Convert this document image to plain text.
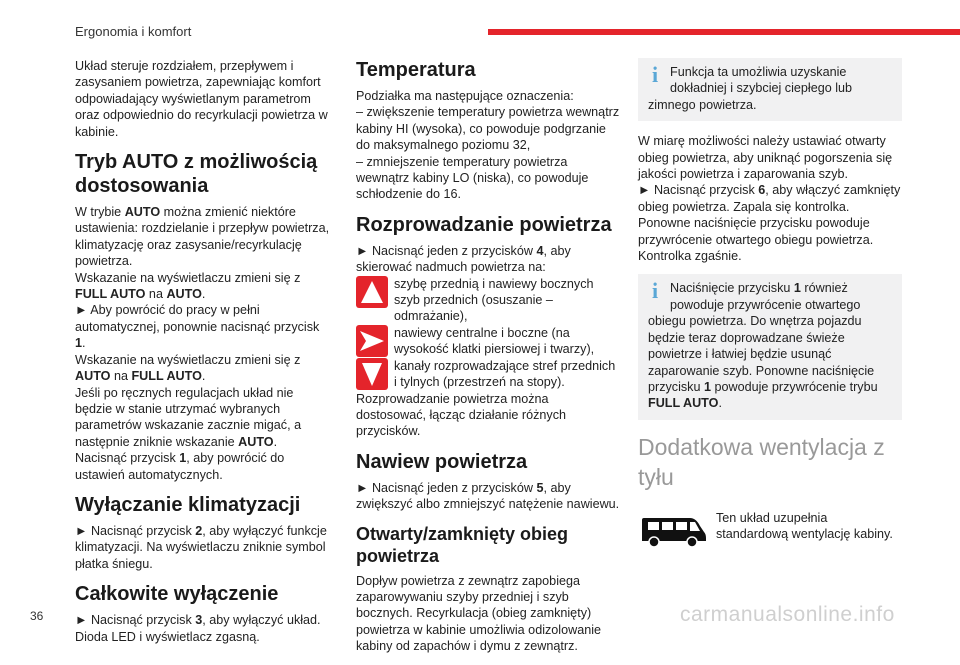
Ergonomia i komfort

Układ steruje rozdziałem, przepływem i zasysaniem powietrza, zapewniając komfort odpowiadający wyświetlanym parametrom oraz odpowiednio do recyrkulacji powietrza w kabinie.

Tryb AUTO z możliwością dostosowania

W trybie AUTO można zmienić niektóre ustawienia: rozdzielanie i przepływ powietrza, klimatyzację oraz zasysanie/recyrkulację powietrza.
Wskazanie na wyświetlaczu zmieni się z FULL AUTO na AUTO.
► Aby powrócić do pracy w pełni automatycznej, ponownie nacisnąć przycisk 1.
Wskazanie na wyświetlaczu zmieni się z AUTO na FULL AUTO.
Jeśli po ręcznych regulacjach układ nie będzie w stanie utrzymać wybranych parametrów wskazanie zacznie migać, a następnie zniknie wskazanie AUTO. Nacisnąć przycisk 1, aby powrócić do ustawień automatycznych.

Wyłączanie klimatyzacji

► Nacisnąć przycisk 2, aby wyłączyć funkcje klimatyzacji. Na wyświetlaczu zniknie symbol płatka śniegu.

Całkowite wyłączenie

► Nacisnąć przycisk 3, aby wyłączyć układ. Dioda LED i wyświetlacz zgasną.

Temperatura

Podziałka ma następujące oznaczenia:
– zwiększenie temperatury powietrza wewnątrz kabiny HI (wysoka), co powoduje podgrzanie do maksymalnego poziomu 32,
– zmniejszenie temperatury powietrza wewnątrz kabiny LO (niska), co powoduje schłodzenie do 16.

Rozprowadzanie powietrza

► Nacisnąć jeden z przycisków 4, aby skierować nadmuch powietrza na:

szybę przednią i nawiewy bocznych szyb przednich (osuszanie – odmrażanie),
nawiewy centralne i boczne (na wysokość klatki piersiowej i twarzy),
kanały rozprowadzające stref przednich i tylnych (przestrzeń na stopy).

Rozprowadzanie powietrza można dostosować, łącząc działanie różnych przycisków.

Nawiew powietrza

► Nacisnąć jeden z przycisków 5, aby zwiększyć albo zmniejszyć natężenie nawiewu.

Otwarty/zamknięty obieg powietrza

Dopływ powietrza z zewnątrz zapobiega zaparowywaniu szyby przedniej i szyb bocznych. Recyrkulacja (obieg zamknięty) powietrza w kabinie umożliwia odizolowanie kabiny od zapachów i dymu z zewnątrz.

i Funkcja ta umożliwia uzyskanie dokładniej i szybciej ciepłego lub zimnego powietrza.

W miarę możliwości należy ustawiać otwarty obieg powietrza, aby uniknąć pogorszenia się jakości powietrza i zaparowania szyb.

► Nacisnąć przycisk 6, aby włączyć zamknięty obieg powietrza. Zapala się kontrolka.

Ponowne naciśnięcie przycisku powoduje przywrócenie otwartego obiegu powietrza. Kontrolka zgaśnie.

i Naciśnięcie przycisku 1 również powoduje przywrócenie otwartego obiegu powietrza. Do wnętrza pojazdu będzie teraz doprowadzane świeże powietrze i łatwiej będzie usunąć zaparowanie szyb. Ponowne naciśnięcie przycisku 1 powoduje przywrócenie trybu FULL AUTO.
Dodatkowa wentylacja z tyłu
Ten układ uzupełnia standardową wentylację kabiny.
36	carmanualsonline.info
